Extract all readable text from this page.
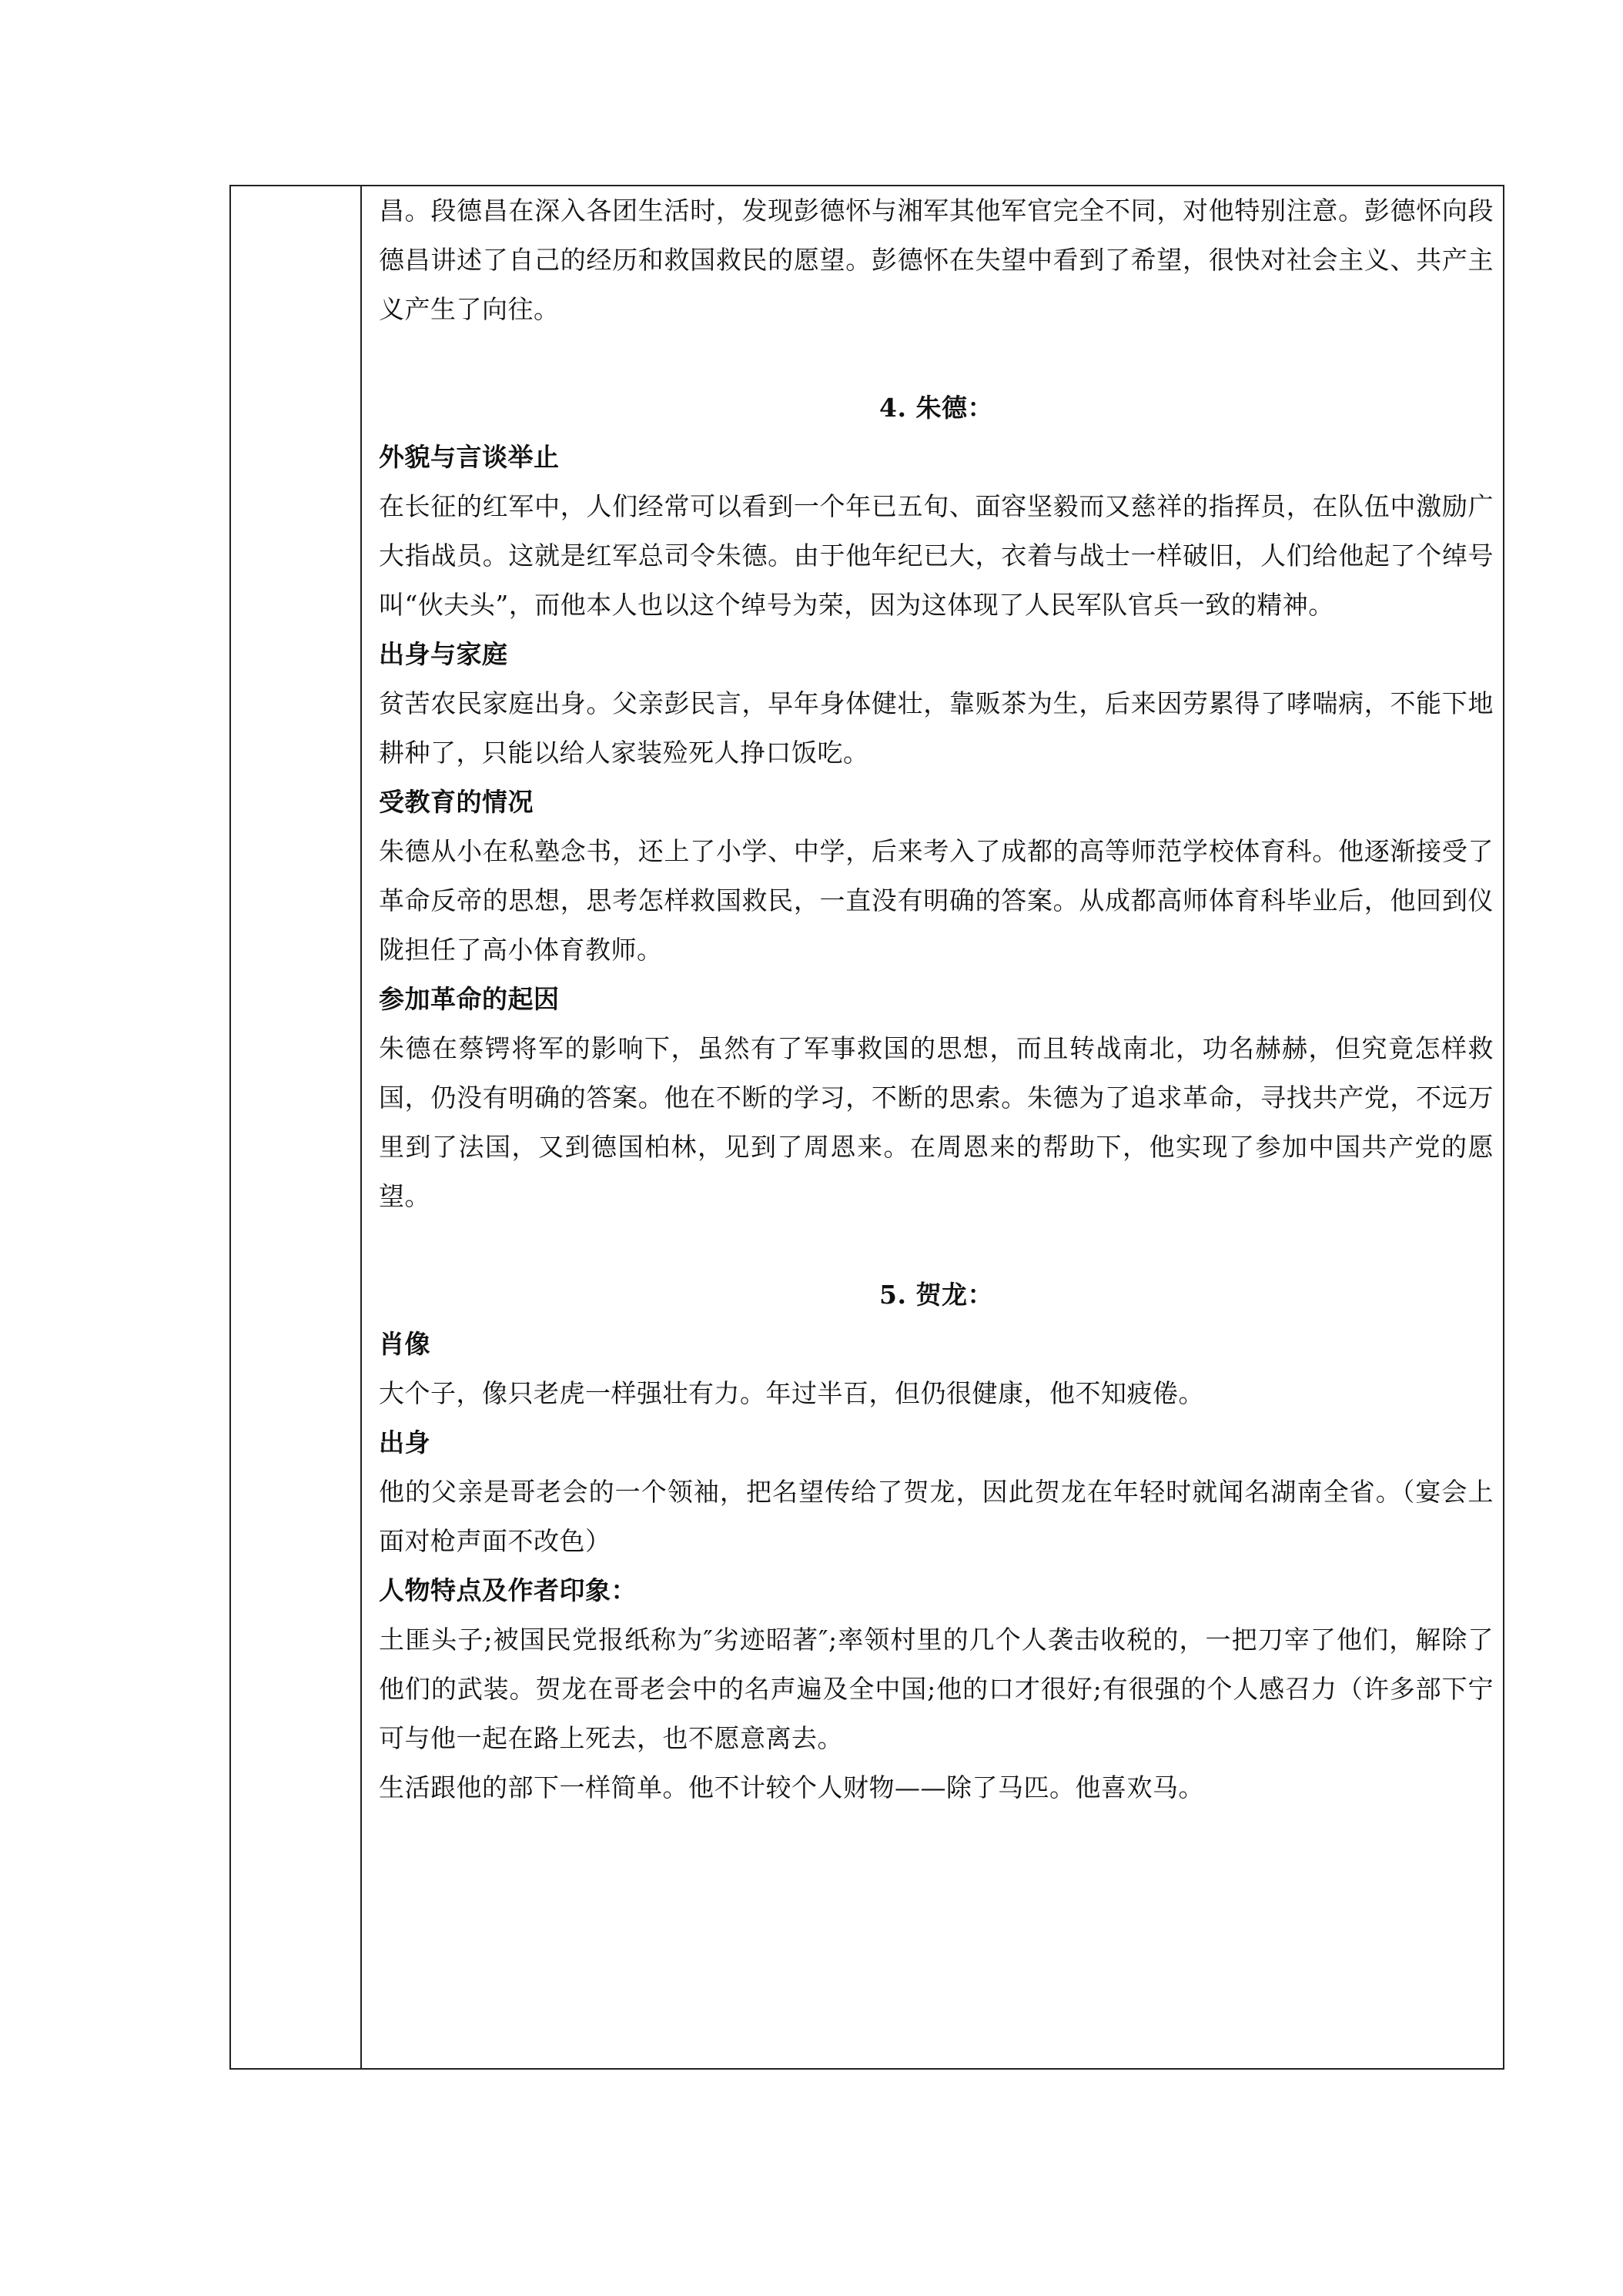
昌。段德昌在深入各团生活时，发现彭德怀与湘军其他军官完全不同，对他特别注意。彭德怀向段德昌讲述了自己的经历和救国救民的愿望。彭德怀在失望中看到了希望，很快对社会主义、共产主义产生了向往。

4. 朱德：

外貌与言谈举止

在长征的红军中，人们经常可以看到一个年已五旬、面容坚毅而又慈祥的指挥员，在队伍中激励广大指战员。这就是红军总司令朱德。由于他年纪已大，衣着与战士一样破旧，人们给他起了个绰号叫“伙夫头”，而他本人也以这个绰号为荣，因为这体现了人民军队官兵一致的精神。

出身与家庭

贫苦农民家庭出身。父亲彭民言，早年身体健壮，靠贩茶为生，后来因劳累得了哮喘病，不能下地耕种了，只能以给人家装殓死人挣口饭吃。

受教育的情况

朱德从小在私塾念书，还上了小学、中学，后来考入了成都的高等师范学校体育科。他逐渐接受了革命反帝的思想，思考怎样救国救民，一直没有明确的答案。从成都高师体育科毕业后，他回到仪陇担任了高小体育教师。

参加革命的起因

朱德在蔡锷将军的影响下，虽然有了军事救国的思想，而且转战南北，功名赫赫，但究竟怎样救国，仍没有明确的答案。他在不断的学习，不断的思索。朱德为了追求革命，寻找共产党，不远万里到了法国，又到德国柏林，见到了周恩来。在周恩来的帮助下，他实现了参加中国共产党的愿望。

5. 贺龙：

肖像

大个子，像只老虎一样强壮有力。年过半百，但仍很健康，他不知疲倦。

出身

他的父亲是哥老会的一个领袖，把名望传给了贺龙，因此贺龙在年轻时就闻名湖南全省。（宴会上面对枪声面不改色）

人物特点及作者印象：

土匪头子;被国民党报纸称为″劣迹昭著″;率领村里的几个人袭击收税的，一把刀宰了他们，解除了他们的武装。贺龙在哥老会中的名声遍及全中国;他的口才很好;有很强的个人感召力（许多部下宁可与他一起在路上死去，也不愿意离去。

生活跟他的部下一样简单。他不计较个人财物——除了马匹。他喜欢马。
